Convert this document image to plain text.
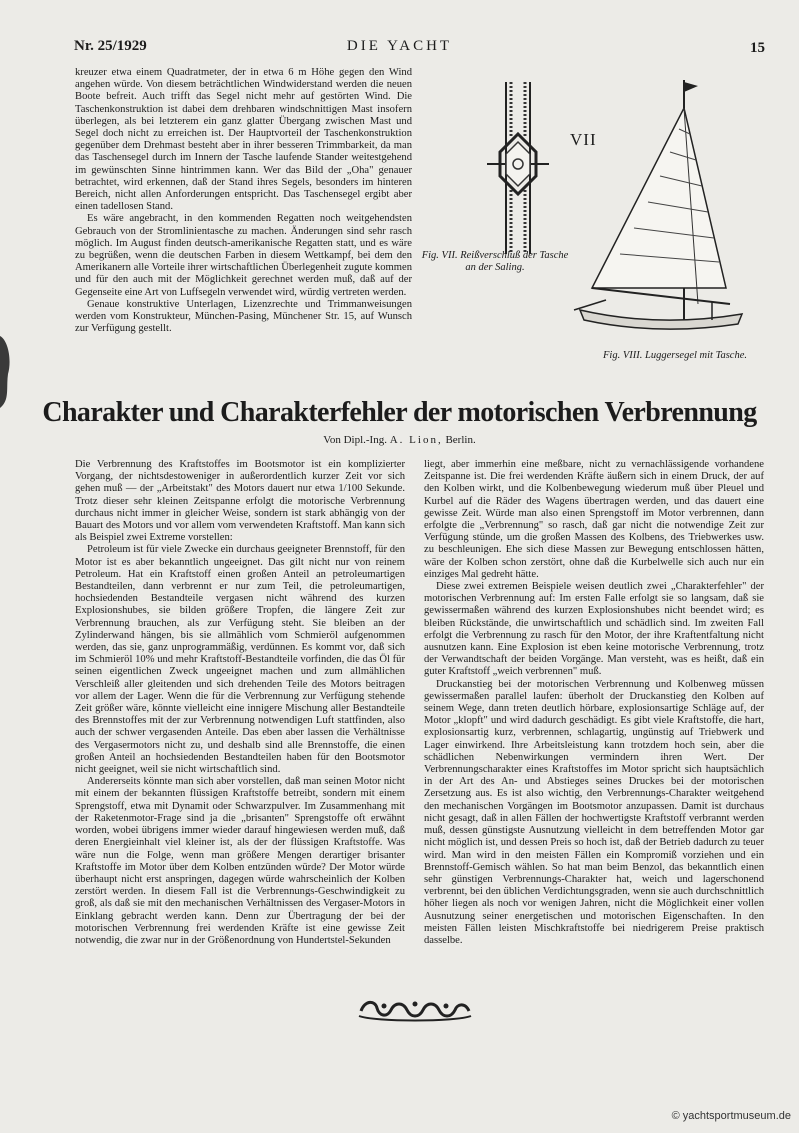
Nr. 25/1929	DIE YACHT	15

kreuzer etwa einem Quadratmeter, der in etwa 6 m Höhe gegen den Wind angehen würde. Von diesem beträchtlichen Windwiderstand werden die neuen Boote befreit. Auch trifft das Segel nicht mehr auf gestörten Wind. Die Taschenkonstruktion ist dabei dem drehbaren windschnittigen Mast insofern überlegen, als bei letzterem ein ganz glatter Übergang zwischen Mast und Segel doch nicht zu erreichen ist. Der Hauptvorteil der Taschenkonstruktion gegenüber dem Drehmast besteht aber in ihrer besseren Trimmbarkeit, da man das Taschensegel durch im Innern der Tasche laufende Stander weitestgehend im gewünschten Sinne hintrimmen kann. Wer das Bild der „Oha" genauer betrachtet, wird erkennen, daß der Stand ihres Segels, besonders im hinteren Bereich, nicht allen Anforderungen entspricht. Das Taschensegel ergibt aber einen tadellosen Stand.

Es wäre angebracht, in den kommenden Regatten noch weitgehendsten Gebrauch von der Stromlinientasche zu machen. Änderungen sind sehr rasch möglich. Im August finden deutsch-amerikanische Regatten statt, und es wäre zu begrüßen, wenn die deutschen Farben in diesem Wettkampf, bei dem den Amerikanern alle Vorteile ihrer wirtschaftlichen Überlegenheit zugute kommen und für den auch mit der Möglichkeit gerechnet werden muß, daß auf der Gegenseite eine Art von Luffsegeln verwendet wird, würdig vertreten werden.

Genaue konstruktive Unterlagen, Lizenzrechte und Trimmanweisungen werden vom Konstrukteur, München-Pasing, Münchener Str. 15, auf Wunsch zur Verfügung gestellt.

VII
Fig. VII. Reißverschluß der Tasche an der Saling.
Fig. VIII. Luggersegel mit Tasche.
Charakter und Charakterfehler der motorischen Verbrennung
Von Dipl.-Ing. A. Lion, Berlin.

Die Verbrennung des Kraftstoffes im Bootsmotor ist ein komplizierter Vorgang, der nichtsdestoweniger in außerordentlich kurzer Zeit vor sich gehen muß — der „Arbeitstakt" des Motors dauert nur etwa 1/100 Sekunde. Trotz dieser sehr kleinen Zeitspanne erfolgt die motorische Verbrennung durchaus nicht immer in gleicher Weise, sondern ist stark abhängig von der Bauart des Motors und vor allem vom verwendeten Kraftstoff. Man kann sich als Beispiel zwei Extreme vorstellen:

Petroleum ist für viele Zwecke ein durchaus geeigneter Brennstoff, für den Motor ist es aber bekanntlich ungeeignet. Das gilt nicht nur von reinem Petroleum. Hat ein Kraftstoff einen großen Anteil an petroleumartigen Bestandteilen, dann verbrennt er nur zum Teil, die petroleumartigen, hochsiedenden Bestandteile vergasen nicht während des kurzen Explosionshubes, sie bilden größere Tropfen, die längere Zeit zur Verbrennung brauchen, als zur Verfügung steht. Sie bleiben an der Zylinderwand hängen, bis sie allmählich vom Schmieröl aufgenommen werden, das sie, ganz unprogrammäßig, verdünnen. Es kommt vor, daß sich im Schmieröl 10% und mehr Kraftstoff-Bestandteile vorfinden, die das Öl für seinen eigentlichen Zweck ungeeignet machen und zum allmählichen Verschleiß aller gleitenden und sich drehenden Teile des Motors beitragen vor allem der Lager. Wenn die für die Verbrennung zur Verfügung stehende Zeit größer wäre, könnte vielleicht eine innigere Mischung aller Bestandteile des Brennstoffes mit der zur Verbrennung notwendigen Luft stattfinden, also auch der schwer vergasenden Anteile. Das eben aber lassen die Verhältnisse des Vergasermotors nicht zu, und deshalb sind alle Brennstoffe, die einen großen Anteil an hochsiedenden Bestandteilen haben für den Bootsmotor nicht geeignet, weil sie nicht wirtschaftlich sind.

Andererseits könnte man sich aber vorstellen, daß man seinen Motor nicht mit einem der bekannten flüssigen Kraftstoffe betreibt, sondern mit einem Sprengstoff, etwa mit Dynamit oder Schwarzpulver. Im Zusammenhang mit der Raketenmotor-Frage sind ja die „brisanten" Sprengstoffe oft erwähnt worden, wobei übrigens immer wieder darauf hingewiesen werden muß, daß deren Energieinhalt viel kleiner ist, als der der flüssigen Kraftstoffe. Was wäre nun die Folge, wenn man größere Mengen derartiger brisanter Kraftstoffe im Motor über dem Kolben entzünden würde? Der Motor würde überhaupt nicht erst anspringen, dagegen würde wahrscheinlich der Kolben zerstört werden. In diesem Fall ist die Verbrennungs-Geschwindigkeit zu groß, als daß sie mit den mechanischen Verhältnissen des Vergaser-Motors in Einklang gebracht werden kann. Denn zur Übertragung der bei der motorischen Verbrennung frei werdenden Kräfte ist eine gewisse Zeit notwendig, die zwar nur in der Größenordnung von Hundertstel-Sekunden

liegt, aber immerhin eine meßbare, nicht zu vernachlässigende vorhandene Zeitspanne ist. Die frei werdenden Kräfte äußern sich in einem Druck, der auf den Kolben wirkt, und die Kolbenbewegung wiederum muß über Pleuel und Kurbel auf die Räder des Wagens übertragen werden, und das dauert eine gewisse Zeit. Würde man also einen Sprengstoff im Motor verbrennen, dann erfolgte die „Verbrennung" so rasch, daß gar nicht die notwendige Zeit zur Verfügung stünde, um die großen Massen des Kolbens, des Triebwerkes usw. zu beschleunigen. Ehe sich diese Massen zur Bewegung entschlossen hätten, wäre der Kolben schon zerstört, ohne daß die Kurbelwelle sich auch nur ein einziges Mal gedreht hätte.

Diese zwei extremen Beispiele weisen deutlich zwei „Charakterfehler" der motorischen Verbrennung auf: Im ersten Falle erfolgt sie so langsam, daß sie gewissermaßen während des kurzen Explosionshubes nicht beendet wird; es bleiben Rückstände, die unwirtschaftlich und schädlich sind. Im zweiten Fall erfolgt die Verbrennung zu rasch für den Motor, der ihre Kraftentfaltung nicht ausnutzen kann. Eine Explosion ist eben keine motorische Verbrennung, trotz der Verwandtschaft der beiden Vorgänge. Man versteht, was es heißt, daß ein guter Kraftstoff „weich verbrennen" muß.

Druckanstieg bei der motorischen Verbrennung und Kolbenweg müssen gewissermaßen parallel laufen: überholt der Druckanstieg den Kolben auf seinem Wege, dann treten deutlich hörbare, explosionsartige Schläge auf, der Motor „klopft" und wird dadurch geschädigt. Es gibt viele Kraftstoffe, die hart, explosionsartig kurz, verbrennen, schlagartig, ungünstig auf Triebwerk und Lager einwirkend. Ihre Arbeitsleistung kann trotzdem hoch sein, aber die schädlichen Nebenwirkungen vermindern ihren Wert. Der Verbrennungscharakter eines Kraftstoffes im Motor spricht sich hauptsächlich in der Art des An- und Abstieges seines Druckes bei der motorischen Zersetzung aus. Es ist also wichtig, den Verbrennungs-Charakter weitgehend den mechanischen Vorgängen im Bootsmotor anzupassen. Damit ist durchaus nicht gesagt, daß in allen Fällen der hochwertigste Kraftstoff verbrannt werden muß, dessen günstigste Ausnutzung vielleicht in dem betreffenden Motor gar nicht möglich ist, und dessen Preis so hoch ist, daß der Betrieb dadurch zu teuer wird. Man wird in den meisten Fällen ein Kompromiß vorziehen und ein Brennstoff-Gemisch wählen. So hat man beim Benzol, das bekanntlich einen sehr günstigen Verbrennungs-Charakter hat, weich und lagerschonend verbrennt, bei den üblichen Verdichtungsgraden, wenn sie auch durchschnittlich höher liegen als noch vor wenigen Jahren, nicht die Möglichkeit einer vollen Ausnutzung seiner energetischen und motorischen Eigenschaften. In den meisten Fällen leisten Mischkraftstoffe bei niedrigerem Preise praktisch dasselbe.

© yachtsportmuseum.de
